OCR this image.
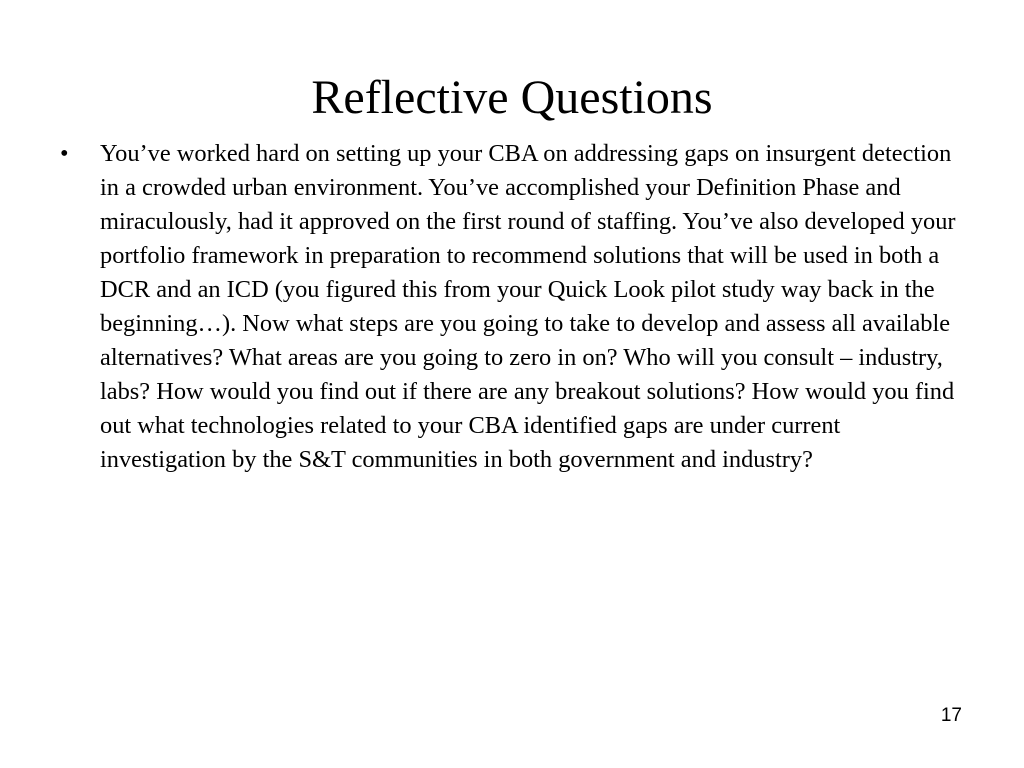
Reflective Questions
•	You’ve worked hard on setting up your CBA on addressing gaps on insurgent detection in a crowded urban environment. You’ve accomplished your Definition Phase and miraculously, had it approved on the first round of staffing. You’ve also developed your portfolio framework in preparation to recommend solutions that will be used in both a DCR and an ICD (you figured this from your Quick Look pilot study way back in the beginning…). Now what steps are you going to take to develop and assess all available alternatives? What areas are you going to zero in on? Who will you consult – industry, labs? How would you find out if there are any breakout solutions? How would you find out what technologies related to your CBA identified gaps are under current investigation by the S&T communities in both government and industry?
17
